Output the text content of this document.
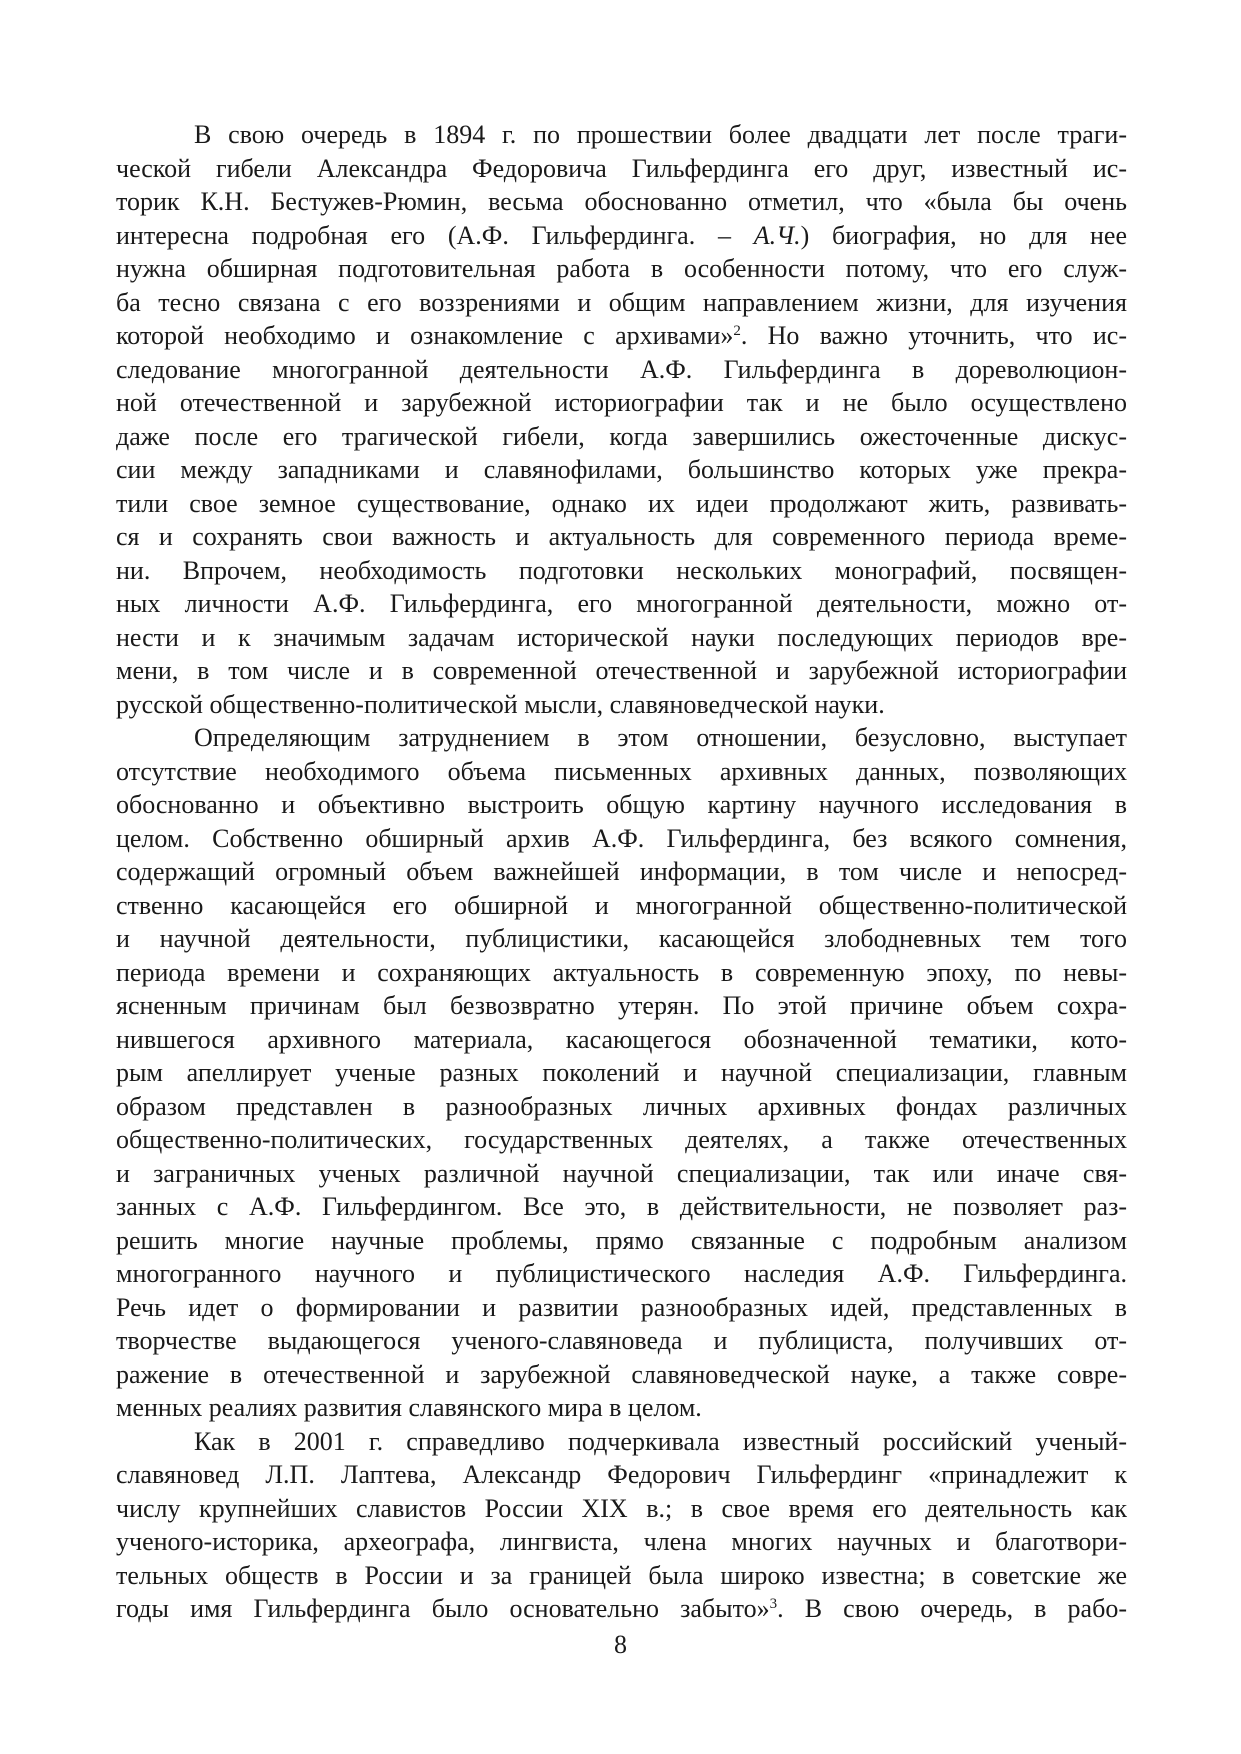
В свою очередь в 1894 г. по прошествии более двадцати лет после траги-
ческой гибели Александра Федоровича Гильфердинга его друг, известный ис-
торик К.Н. Бестужев-Рюмин, весьма обоснованно отметил, что «была бы очень
интересна подробная его (А.Ф. Гильфердинга. – А.Ч.) биография, но для нее
нужна обширная подготовительная работа в особенности потому, что его служ-
ба тесно связана с его воззрениями и общим направлением жизни, для изучения
которой необходимо и ознакомление с архивами»$^2$. Но важно уточнить, что ис-
следование многогранной деятельности А.Ф. Гильфердинга в дореволюцион-
ной отечественной и зарубежной историографии так и не было осуществлено
даже после его трагической гибели, когда завершились ожесточенные дискус-
сии между западниками и славянофилами, большинство которых уже прекра-
тили свое земное существование, однако их идеи продолжают жить, развивать-
ся и сохранять свои важность и актуальность для современного периода време-
ни. Впрочем, необходимость подготовки нескольких монографий, посвящен-
ных личности А.Ф. Гильфердинга, его многогранной деятельности, можно от-
нести и к значимым задачам исторической науки последующих периодов вре-
мени, в том числе и в современной отечественной и зарубежной историографии
русской общественно-политической мысли, славяноведческой науки.
Определяющим затруднением в этом отношении, безусловно, выступает
отсутствие необходимого объема письменных архивных данных, позволяющих
обоснованно и объективно выстроить общую картину научного исследования в
целом. Собственно обширный архив А.Ф. Гильфердинга, без всякого сомнения,
содержащий огромный объем важнейшей информации, в том числе и непосред-
ственно касающейся его обширной и многогранной общественно-политической
и научной деятельности, публицистики, касающейся злободневных тем того
периода времени и сохраняющих актуальность в современную эпоху, по невы-
ясненным причинам был безвозвратно утерян. По этой причине объем сохра-
нившегося архивного материала, касающегося обозначенной тематики, кото-
рым апеллирует ученые разных поколений и научной специализации, главным
образом представлен в разнообразных личных архивных фондах различных
общественно-политических, государственных деятелях, а также отечественных
и заграничных ученых различной научной специализации, так или иначе свя-
занных с А.Ф. Гильфердингом. Все это, в действительности, не позволяет раз-
решить многие научные проблемы, прямо связанные с подробным анализом
многогранного научного и публицистического наследия А.Ф. Гильфердинга.
Речь идет о формировании и развитии разнообразных идей, представленных в
творчестве выдающегося ученого-славяноведа и публициста, получивших от-
ражение в отечественной и зарубежной славяноведческой науке, а также совре-
менных реалиях развития славянского мира в целом.
Как в 2001 г. справедливо подчеркивала известный российский ученый-
славяновед Л.П. Лаптева, Александр Федорович Гильфердинг «принадлежит к
числу крупнейших славистов России XIX в.; в свое время его деятельность как
ученого-историка, археографа, лингвиста, члена многих научных и благотвори-
тельных обществ в России и за границей была широко известна; в советские же
годы имя Гильфердинга было основательно забыто»$^3$. В свою очередь, в рабо-
8
